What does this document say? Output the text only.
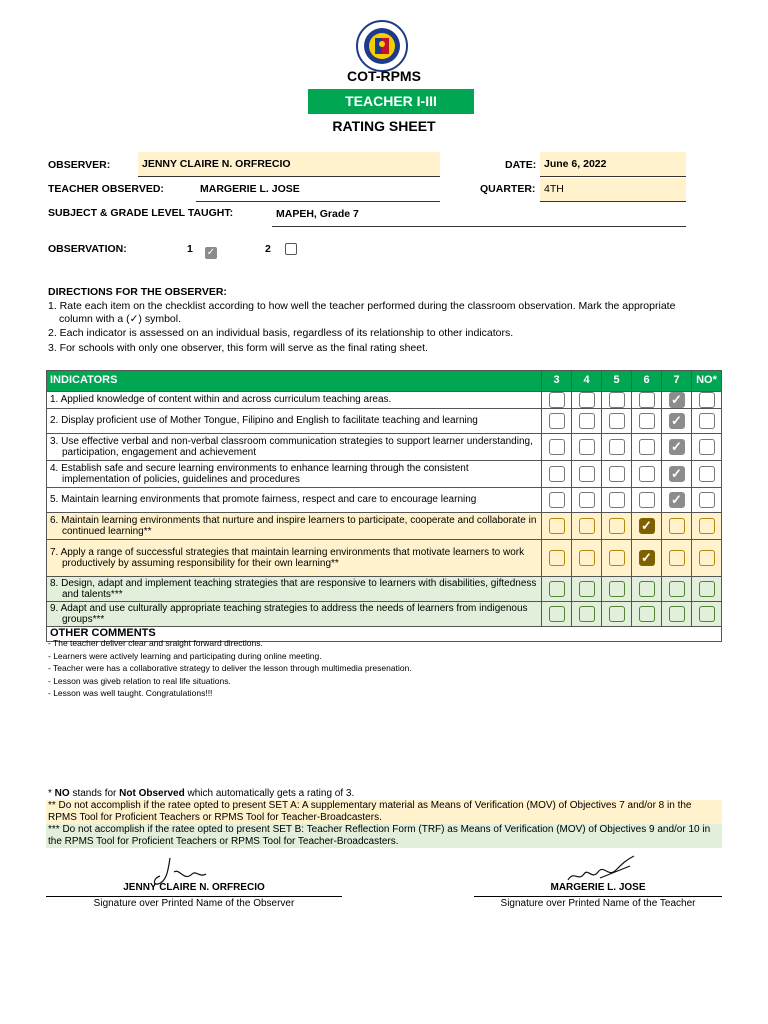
COT-RPMS
TEACHER I-III
RATING SHEET
OBSERVER:	JENNY CLAIRE N. ORFRECIO	DATE: June 6, 2022
TEACHER OBSERVED:	MARGERIE L. JOSE	QUARTER: 4TH
SUBJECT & GRADE LEVEL TAUGHT:	MAPEH, Grade 7
OBSERVATION:	1 ✓	2
DIRECTIONS FOR THE OBSERVER:
1. Rate each item on the checklist according to how well the teacher performed during the classroom observation. Mark the appropriate column with a (✓) symbol.
2. Each indicator is assessed on an individual basis, regardless of its relationship to other indicators.
3. For schools with only one observer, this form will serve as the final rating sheet.
INDICATORS	3	4	5	6	7	NO*

1. Applied knowledge of content within and across curriculum teaching areas.					✓	

2. Display proficient use of Mother Tongue, Filipino and English to facilitate teaching and learning					✓	

3. Use effective verbal and non-verbal classroom communication strategies to support learner understanding, participation, engagement and achievement					✓	

4. Establish safe and secure learning environments to enhance learning through the consistent implementation of policies, guidelines and procedures					✓	

5. Maintain learning environments that promote fairness, respect and care to encourage learning					✓	

6. Maintain learning environments that nurture and inspire learners to participate, cooperate and collaborate in continued learning**				✓		

7. Apply a range of successful strategies that maintain learning environments that motivate learners to work productively by assuming responsibility for their own learning**				✓		

8. Design, adapt and implement teaching strategies that are responsive to learners with disabilities, giftedness and talents***						

9. Adapt and use culturally appropriate teaching strategies to address the needs of learners from indigenous groups***						

OTHER COMMENTS						
- The teacher deliver clear and sraight forward directions.
- Learners were actively learning and participating during online meeting.
- Teacher were has a collaborative strategy to deliver the lesson through multimedia presenation.
- Lesson was giveb relation to real life situations.
- Lesson was well taught. Congratulations!!!
* NO stands for Not Observed which automatically gets a rating of 3.
** Do not accomplish if the ratee opted to present SET A: A supplementary material as Means of Verification (MOV) of Objectives 7 and/or 8 in the RPMS Tool for Proficient Teachers or RPMS Tool for Teacher-Broadcasters.
*** Do not accomplish if the ratee opted to present SET B: Teacher Reflection Form (TRF) as Means of Verification (MOV) of Objectives 9 and/or 10 in the RPMS Tool for Proficient Teachers or RPMS Tool for Teacher-Broadcasters.
JENNY CLAIRE N. ORFRECIO
Signature over Printed Name of the Observer
MARGERIE L. JOSE
Signature over Printed Name of the Teacher
